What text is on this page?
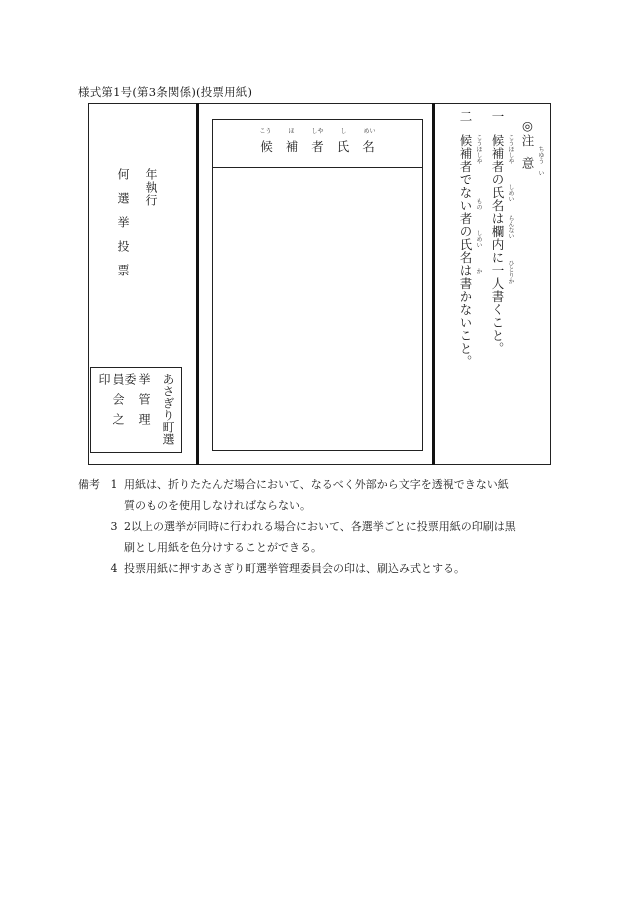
様式第1号(第3条関係)(投票用紙)
何選挙投票 年執行
あさぎり町選
挙管理委
員会之印
こう	ほ	しや	し	めい
候補者氏名
◎
注意 ちゆう
い
一
候補者の氏名は欄内に一人書くこと。 こうほしや
しめい
らんない
ひとりか
二
候補者でない者の氏名は書かないこと。 こうほしや
もの
しめい
か
備考 1 用紙は、折りたたんだ場合において、なるべく外部から文字を透視できない紙
質のものを使用しなければならない。
3 2以上の選挙が同時に行われる場合において、各選挙ごとに投票用紙の印刷は黒
刷とし用紙を色分けすることができる。
4 投票用紙に押すあさぎり町選挙管理委員会の印は、刷込み式とする。
